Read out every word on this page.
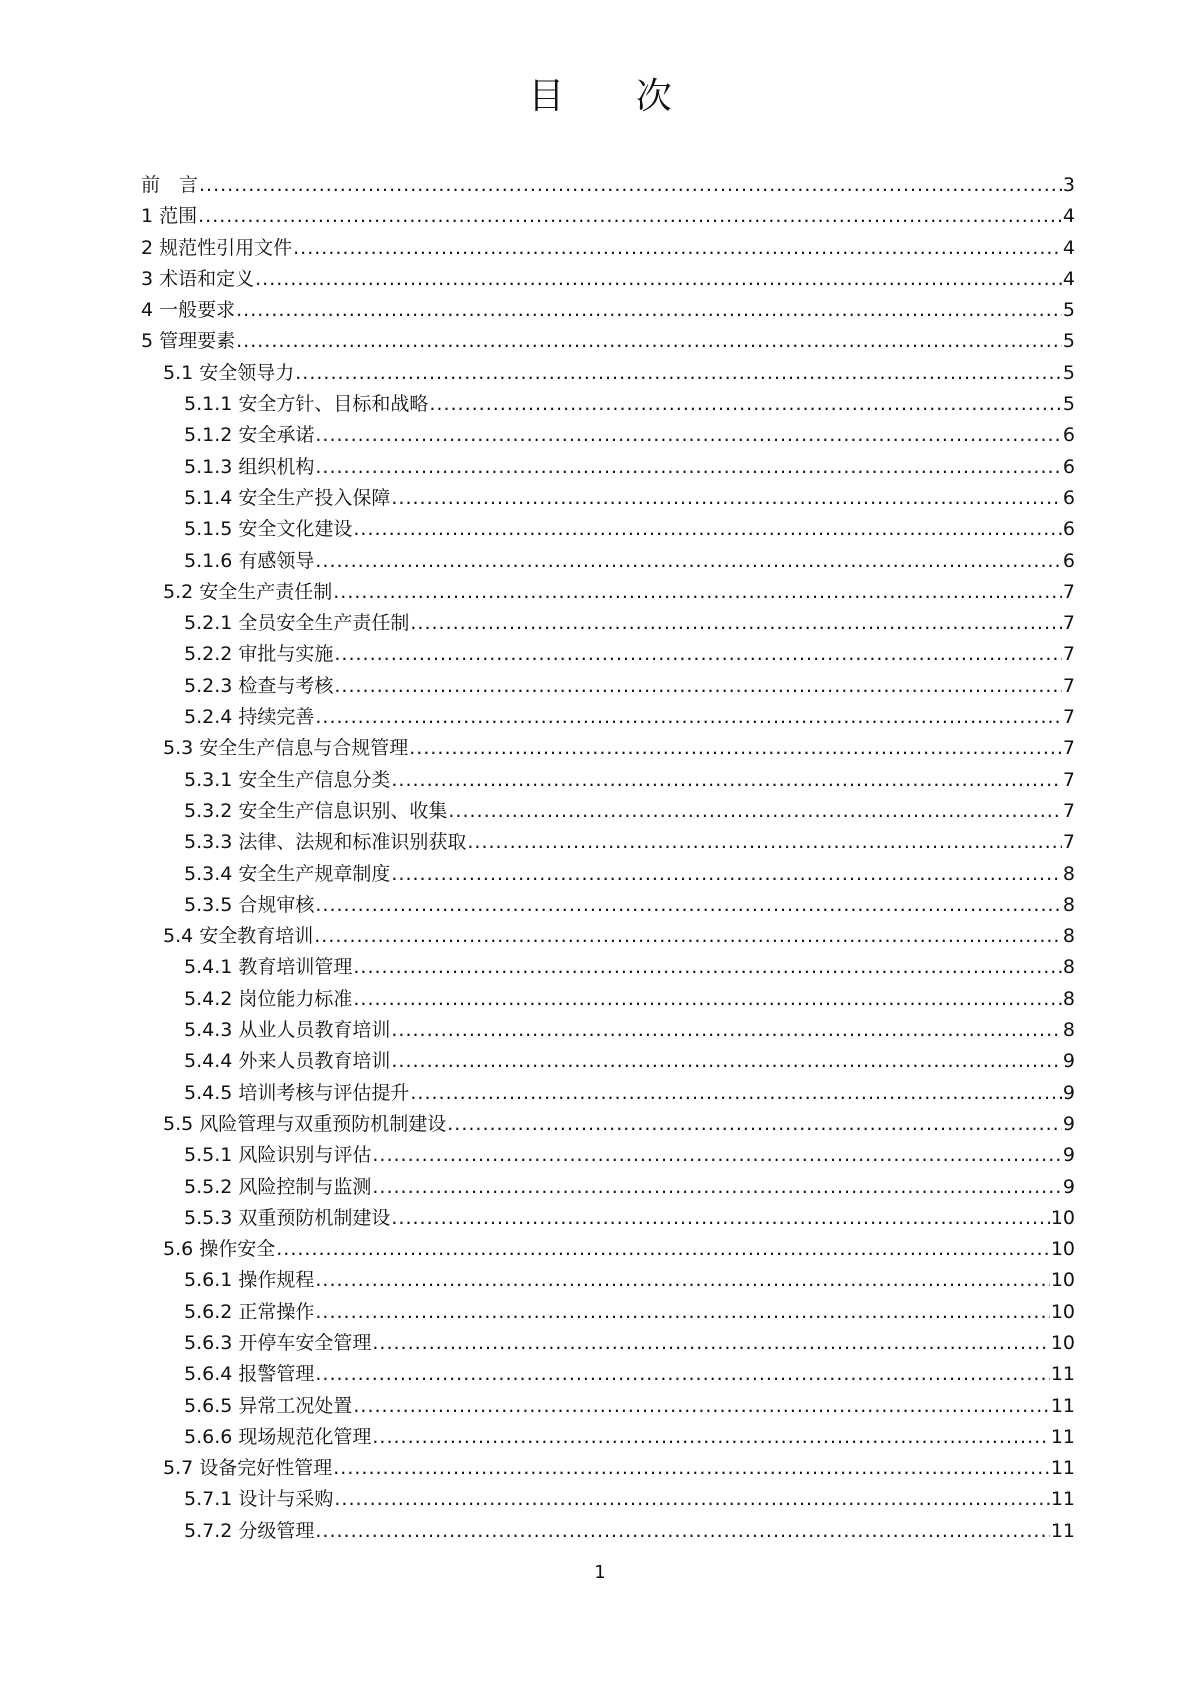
目 次
前　言 .....	3
1 范围 .....	4
2 规范性引用文件 .....	4
3 术语和定义 .....	4
4 一般要求 .....	5
5 管理要素 .....	5
5.1 安全领导力 .....	5
5.1.1 安全方针、目标和战略 .....	5
5.1.2 安全承诺 .....	6
5.1.3 组织机构 .....	6
5.1.4 安全生产投入保障 .....	6
5.1.5 安全文化建设 .....	6
5.1.6 有感领导 .....	6
5.2 安全生产责任制 .....	7
5.2.1 全员安全生产责任制 .....	7
5.2.2 审批与实施 .....	7
5.2.3 检查与考核 .....	7
5.2.4 持续完善 .....	7
5.3 安全生产信息与合规管理 .....	7
5.3.1 安全生产信息分类 .....	7
5.3.2 安全生产信息识别、收集 .....	7
5.3.3 法律、法规和标准识别获取 .....	7
5.3.4 安全生产规章制度 .....	8
5.3.5 合规审核 .....	8
5.4 安全教育培训 .....	8
5.4.1 教育培训管理 .....	8
5.4.2 岗位能力标准 .....	8
5.4.3 从业人员教育培训 .....	8
5.4.4 外来人员教育培训 .....	9
5.4.5 培训考核与评估提升 .....	9
5.5 风险管理与双重预防机制建设 .....	9
5.5.1 风险识别与评估 .....	9
5.5.2 风险控制与监测 .....	9
5.5.3 双重预防机制建设 .....	10
5.6 操作安全 .....	10
5.6.1 操作规程 .....	10
5.6.2 正常操作 .....	10
5.6.3 开停车安全管理 .....	10
5.6.4 报警管理 .....	11
5.6.5 异常工况处置 .....	11
5.6.6 现场规范化管理 .....	11
5.7 设备完好性管理 .....	11
5.7.1 设计与采购 .....	11
5.7.2 分级管理 .....	11
1
